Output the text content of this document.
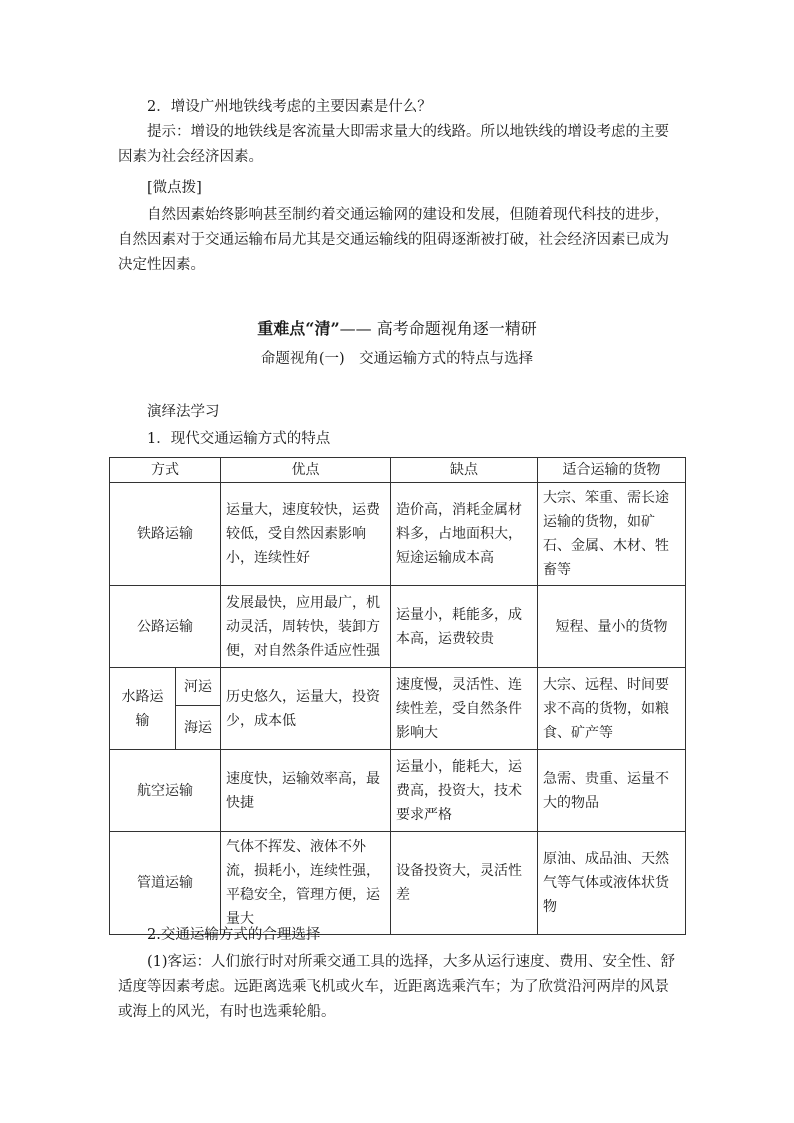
2．增设广州地铁线考虑的主要因素是什么？

提示：增设的地铁线是客流量大即需求量大的线路。所以地铁线的增设考虑的主要因素为社会经济因素。

[微点拨]

自然因素始终影响甚至制约着交通运输网的建设和发展，但随着现代科技的进步，自然因素对于交通运输布局尤其是交通运输线的阻碍逐渐被打破，社会经济因素已成为决定性因素。

重难点“清”—— 高考命题视角逐一精研
命题视角(一)　交通运输方式的特点与选择

演绎法学习

1．现代交通运输方式的特点

方式		优点	缺点	适合运输的货物
铁路运输		运量大，速度较快，运费较低，受自然因素影响小，连续性好	造价高，消耗金属材料多，占地面积大，短途运输成本高	大宗、笨重、需长途运输的货物，如矿石、金属、木材、牲畜等
公路运输		发展最快，应用最广，机动灵活，周转快，装卸方便，对自然条件适应性强	运量小，耗能多，成本高，运费较贵	短程、量小的货物
水路运输	河运	历史悠久，运量大，投资少，成本低	速度慢，灵活性、连续性差，受自然条件影响大	大宗、远程、时间要求不高的货物，如粮食、矿产等
	海运			
航空运输		速度快，运输效率高，最快捷	运量小，能耗大，运费高，投资大，技术要求严格	急需、贵重、运量不大的物品
管道运输		气体不挥发、液体不外流，损耗小，连续性强，平稳安全，管理方便，运量大	设备投资大，灵活性差	原油、成品油、天然气等气体或液体状货物

2.交通运输方式的合理选择

(1)客运：人们旅行时对所乘交通工具的选择，大多从运行速度、费用、安全性、舒适度等因素考虑。远距离选乘飞机或火车，近距离选乘汽车；为了欣赏沿河两岸的风景或海上的风光，有时也选乘轮船。
